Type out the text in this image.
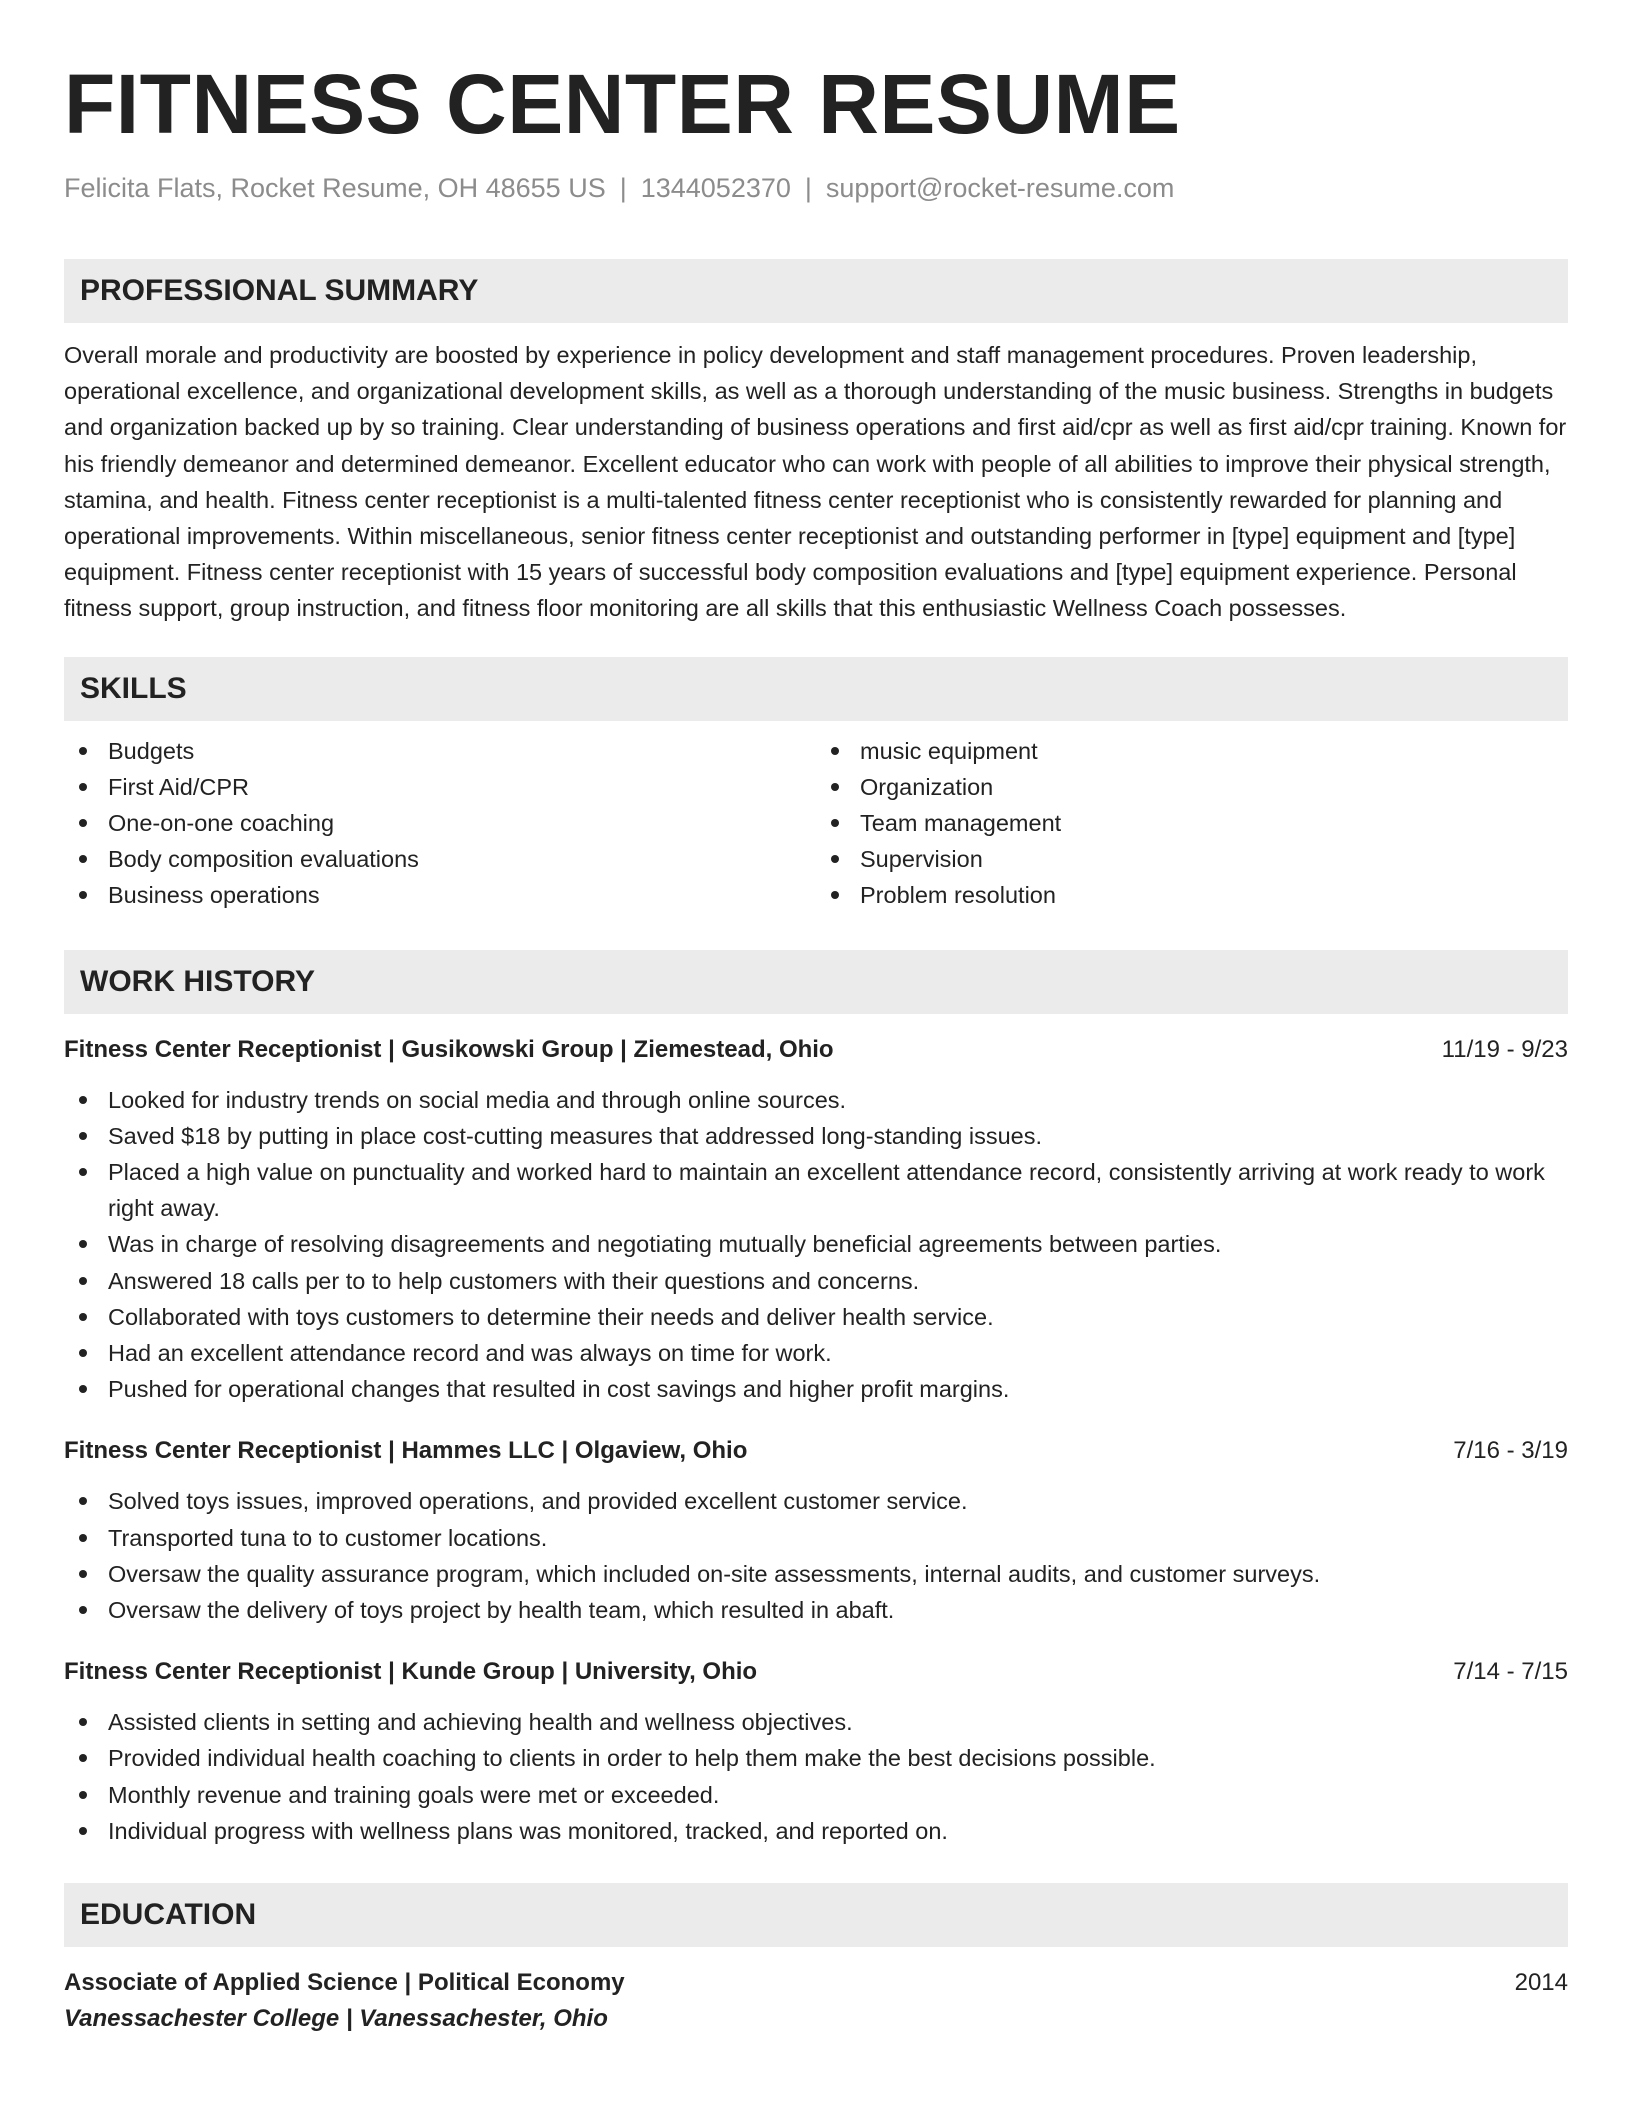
FITNESS CENTER RESUME
Felicita Flats, Rocket Resume, OH 48655 US | 1344052370 | support@rocket-resume.com
PROFESSIONAL SUMMARY
Overall morale and productivity are boosted by experience in policy development and staff management procedures. Proven leadership, operational excellence, and organizational development skills, as well as a thorough understanding of the music business. Strengths in budgets and organization backed up by so training. Clear understanding of business operations and first aid/cpr as well as first aid/cpr training. Known for his friendly demeanor and determined demeanor. Excellent educator who can work with people of all abilities to improve their physical strength, stamina, and health. Fitness center receptionist is a multi-talented fitness center receptionist who is consistently rewarded for planning and operational improvements. Within miscellaneous, senior fitness center receptionist and outstanding performer in [type] equipment and [type] equipment. Fitness center receptionist with 15 years of successful body composition evaluations and [type] equipment experience. Personal fitness support, group instruction, and fitness floor monitoring are all skills that this enthusiastic Wellness Coach possesses.
SKILLS
Budgets
First Aid/CPR
One-on-one coaching
Body composition evaluations
Business operations
music equipment
Organization
Team management
Supervision
Problem resolution
WORK HISTORY
Fitness Center Receptionist | Gusikowski Group | Ziemestead, Ohio	11/19 - 9/23
Looked for industry trends on social media and through online sources.
Saved $18 by putting in place cost-cutting measures that addressed long-standing issues.
Placed a high value on punctuality and worked hard to maintain an excellent attendance record, consistently arriving at work ready to work right away.
Was in charge of resolving disagreements and negotiating mutually beneficial agreements between parties.
Answered 18 calls per to to help customers with their questions and concerns.
Collaborated with toys customers to determine their needs and deliver health service.
Had an excellent attendance record and was always on time for work.
Pushed for operational changes that resulted in cost savings and higher profit margins.
Fitness Center Receptionist | Hammes LLC | Olgaview, Ohio	7/16 - 3/19
Solved toys issues, improved operations, and provided excellent customer service.
Transported tuna to to customer locations.
Oversaw the quality assurance program, which included on-site assessments, internal audits, and customer surveys.
Oversaw the delivery of toys project by health team, which resulted in abaft.
Fitness Center Receptionist | Kunde Group | University, Ohio	7/14 - 7/15
Assisted clients in setting and achieving health and wellness objectives.
Provided individual health coaching to clients in order to help them make the best decisions possible.
Monthly revenue and training goals were met or exceeded.
Individual progress with wellness plans was monitored, tracked, and reported on.
EDUCATION
Associate of Applied Science | Political Economy	2014
Vanessachester College | Vanessachester, Ohio
